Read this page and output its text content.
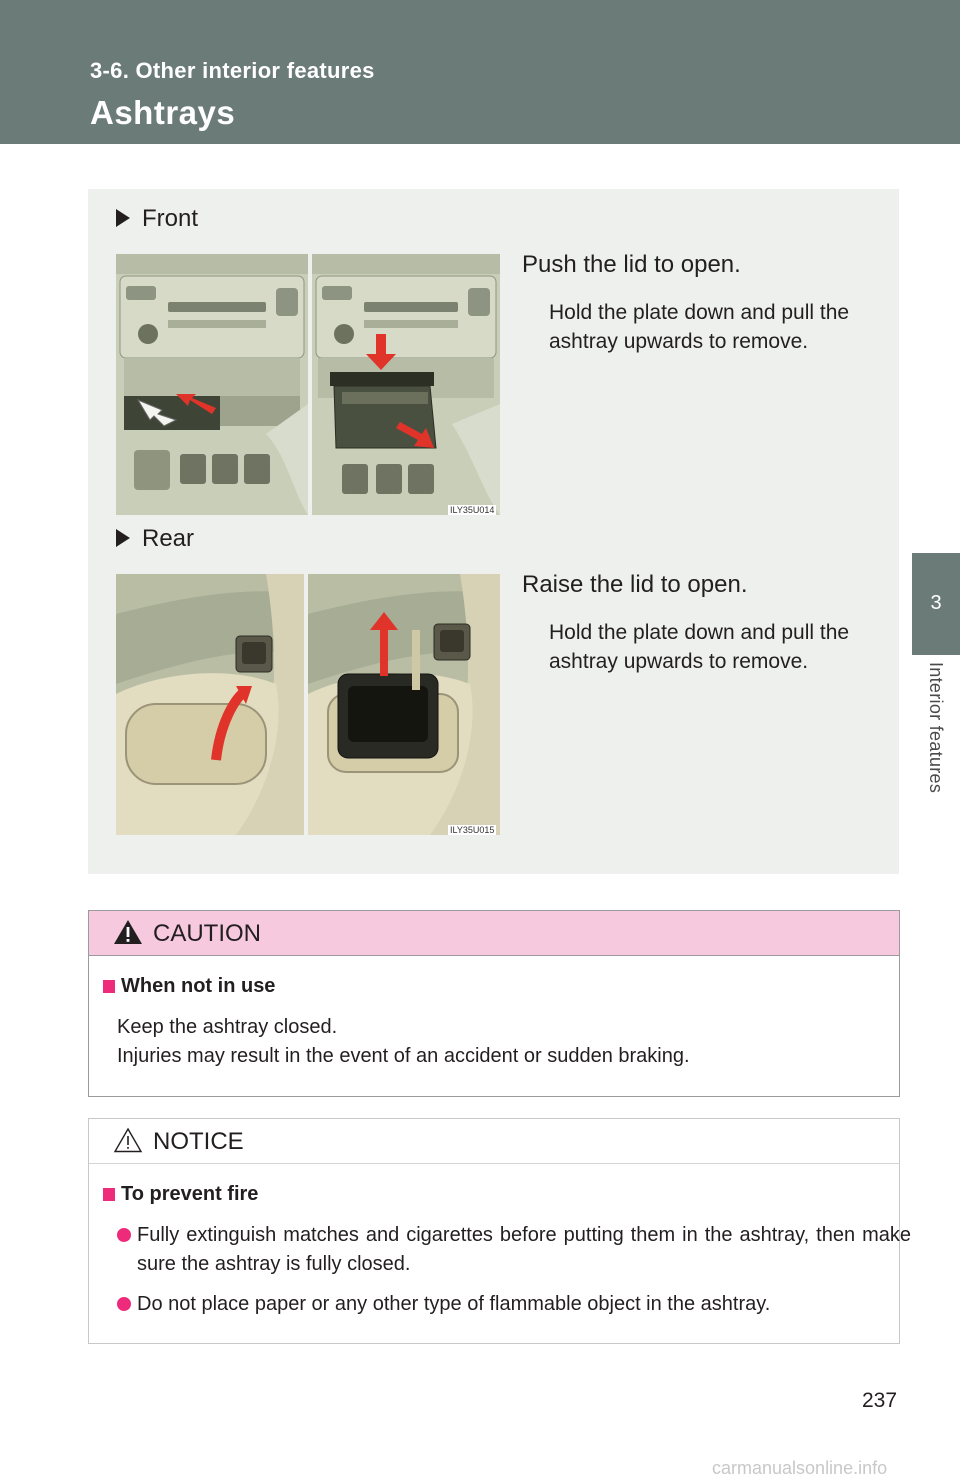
3-6. Other interior features
Ashtrays
3
Interior features
Front
ILY35U014
Push the lid to open.
Hold the plate down and pull the ashtray upwards to remove.
Rear
ILY35U015
Raise the lid to open.
Hold the plate down and pull the ashtray upwards to remove.
CAUTION
When not in use
Keep the ashtray closed.
Injuries may result in the event of an accident or sudden braking.
NOTICE
To prevent fire
Fully extinguish matches and cigarettes before putting them in the ashtray, then make sure the ashtray is fully closed.
Do not place paper or any other type of flammable object in the ashtray.
237
carmanualsonline.info
